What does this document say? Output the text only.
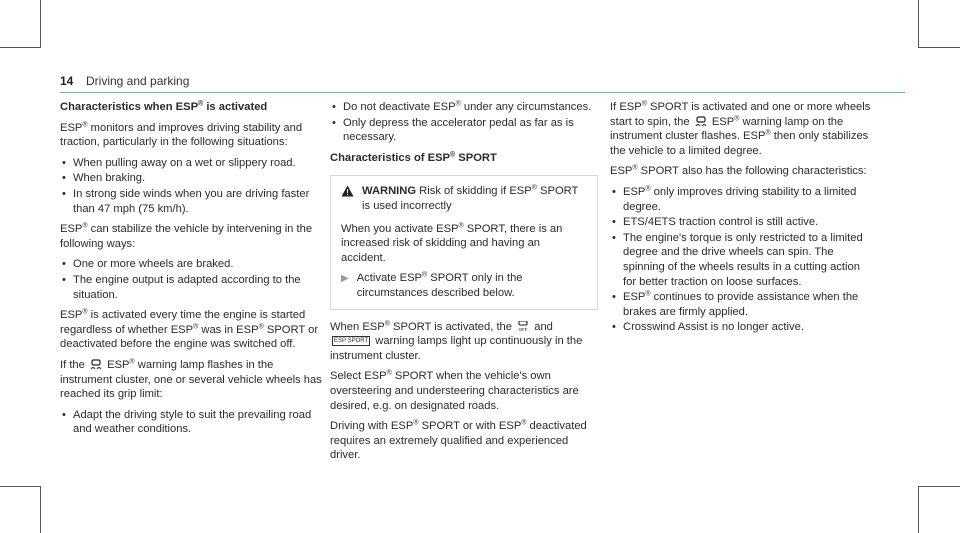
14 Driving and parking
Characteristics when ESP® is activated

ESP® monitors and improves driving stability and traction, particularly in the following situations:

• When pulling away on a wet or slippery road.
• When braking.
• In strong side winds when you are driving faster than 47 mph (75 km/h).

ESP® can stabilize the vehicle by intervening in the following ways:

• One or more wheels are braked.
• The engine output is adapted according to the situation.

ESP® is activated every time the engine is started regardless of whether ESP® was in ESP® SPORT or deactivated before the engine was switched off.

If the  ESP® warning lamp flashes in the instrument cluster, one or several vehicle wheels has reached its grip limit:

• Adapt the driving style to suit the prevailing road and weather conditions.
• Do not deactivate ESP® under any circumstances.
• Only depress the accelerator pedal as far as is necessary.
Characteristics of ESP® SPORT
WARNING Risk of skidding if ESP® SPORT is used incorrectly

When you activate ESP® SPORT, there is an increased risk of skidding and having an accident.

▶ Activate ESP® SPORT only in the circumstances described below.

When ESP® SPORT is activated, the OFF and ESP SPORT warning lamps light up continuously in the instrument cluster.

Select ESP® SPORT when the vehicle's own oversteering and understeering characteristics are desired, e.g. on designated roads.

Driving with ESP® SPORT or with ESP® deactivated requires an extremely qualified and experienced driver.

If ESP® SPORT is activated and one or more wheels start to spin, the  ESP® warning lamp on the instrument cluster flashes. ESP® then only stabilizes the vehicle to a limited degree.

ESP® SPORT also has the following characteristics:

• ESP® only improves driving stability to a limited degree.
• ETS/4ETS traction control is still active.
• The engine's torque is only restricted to a limited degree and the drive wheels can spin. The spinning of the wheels results in a cutting action for better traction on loose surfaces.
• ESP® continues to provide assistance when the brakes are firmly applied.
• Crosswind Assist is no longer active.
